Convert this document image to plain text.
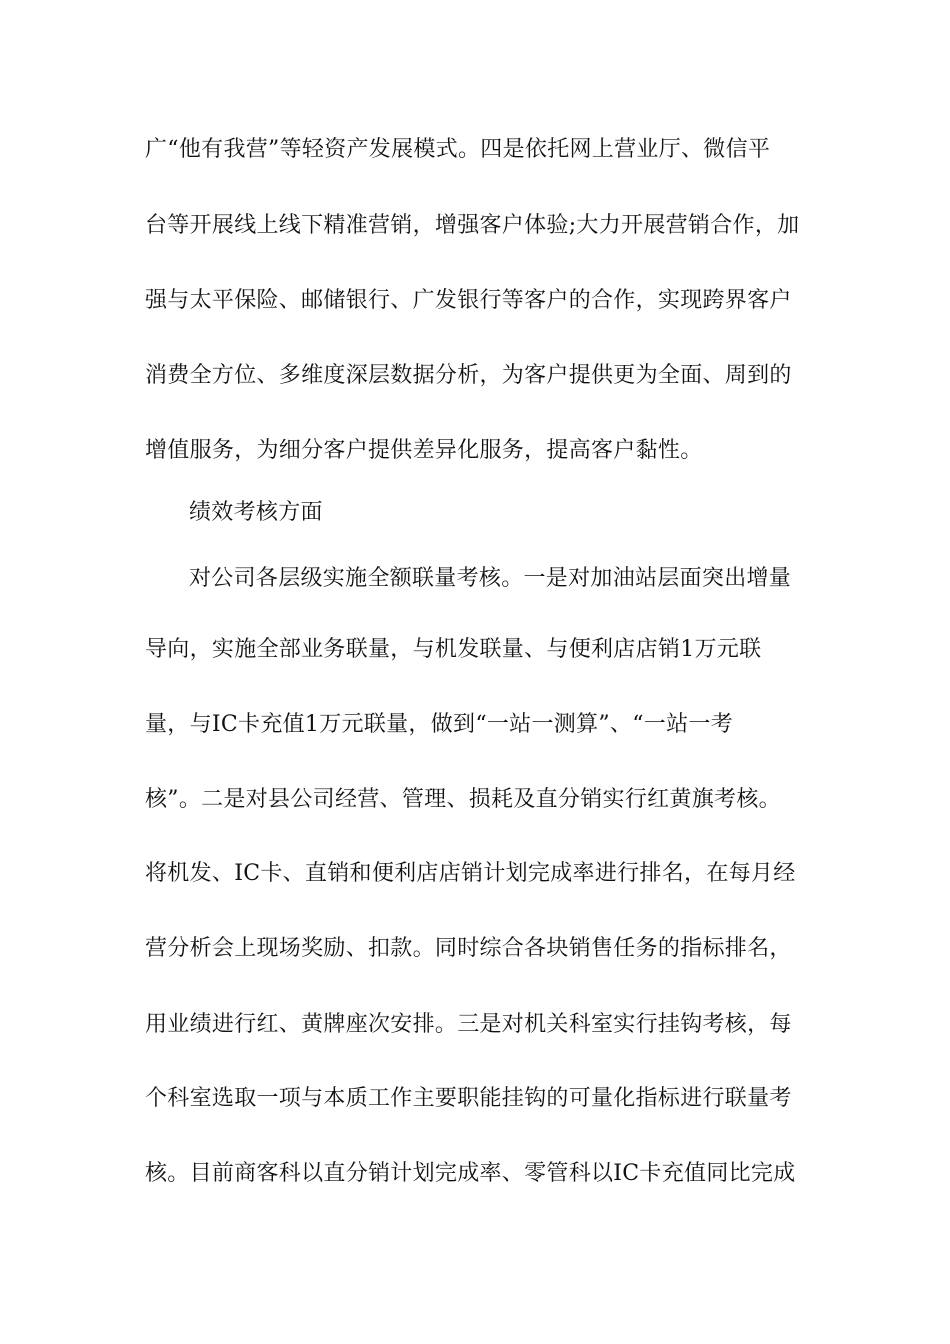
广“他有我营”等轻资产发展模式。四是依托网上营业厅、微信平
台等开展线上线下精准营销，增强客户体验;大力开展营销合作，加
强与太平保险、邮储银行、广发银行等客户的合作，实现跨界客户
消费全方位、多维度深层数据分析，为客户提供更为全面、周到的
增值服务，为细分客户提供差异化服务，提高客户黏性。
绩效考核方面
对公司各层级实施全额联量考核。一是对加油站层面突出增量
导向，实施全部业务联量，与机发联量、与便利店店销1万元联
量，与IC卡充值1万元联量，做到“一站一测算”、“一站一考
核”。二是对县公司经营、管理、损耗及直分销实行红黄旗考核。
将机发、IC卡、直销和便利店店销计划完成率进行排名，在每月经
营分析会上现场奖励、扣款。同时综合各块销售任务的指标排名，
用业绩进行红、黄牌座次安排。三是对机关科室实行挂钩考核，每
个科室选取一项与本质工作主要职能挂钩的可量化指标进行联量考
核。目前商客科以直分销计划完成率、零管科以IC卡充值同比完成
